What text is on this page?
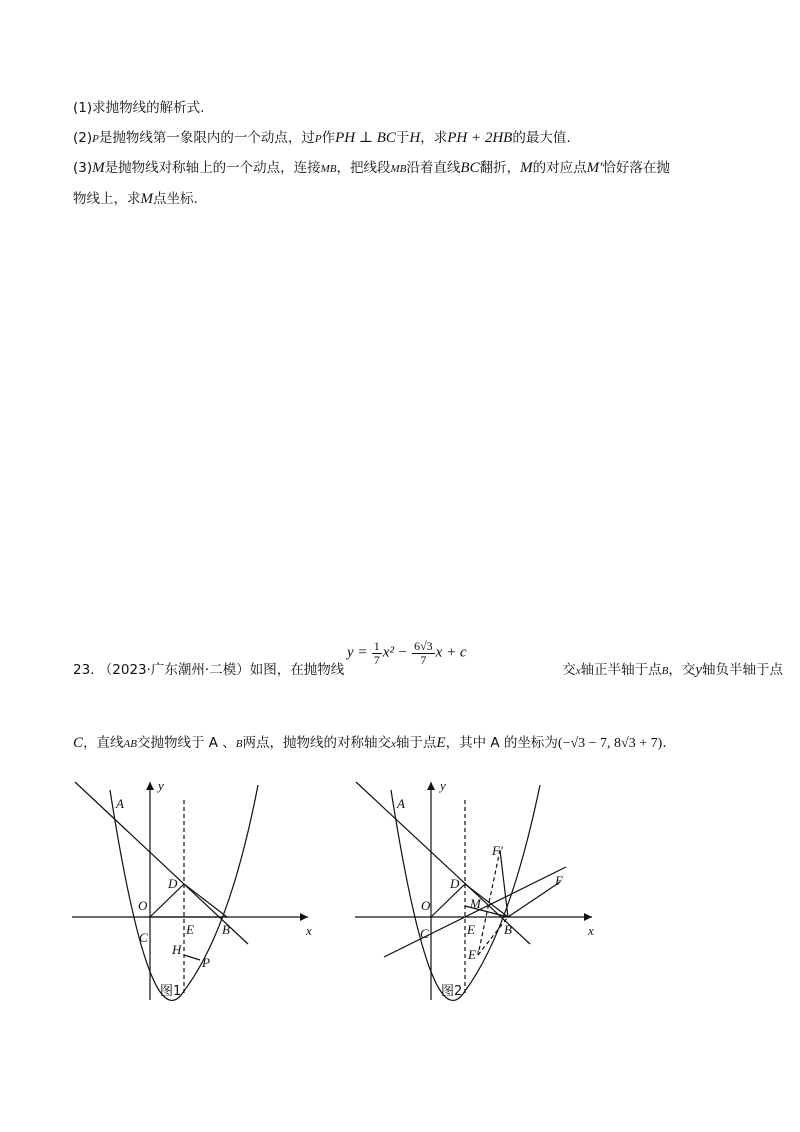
(1)求抛物线的解析式.
(2)P是抛物线第一象限内的一个动点，过P作PH ⊥ BC于H，求PH + 2HB的最大值.
(3)M是抛物线对称轴上的一个动点，连接MB，把线段MB沿着直线BC翻折，M的对应点M′恰好落在抛
物线上，求M点坐标.
23. （2023·广东潮州·二模）如图，在抛物线	交x轴正半轴于点B，交y轴负半轴于点
$y = \frac{1}{7} x^2 - \frac{6√3}{7}$ x + c
C，直线AB交抛物线于 A 、B两点，抛物线的对称轴交x轴于点E，其中 A 的坐标为(−√3 − 7, 8√3 + 7).
y
x
A
D
O
C
E B
H
P
图1
y
x
A
D
O
C	E B
M
F
F′
E′
图2
